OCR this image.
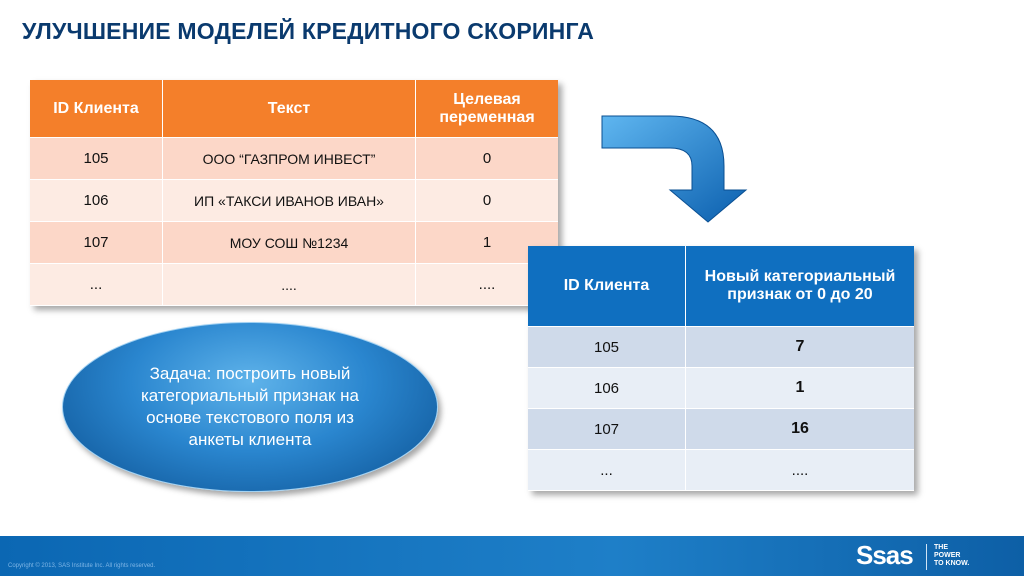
УЛУЧШЕНИЕ МОДЕЛЕЙ КРЕДИТНОГО СКОРИНГА
ID Клиента	Текст	Целевая переменная
105	ООО “ГАЗПРОМ ИНВЕСТ”	0
106	ИП «ТАКСИ ИВАНОВ ИВАН»	0
107	МОУ СОШ №1234	1
...	....	....
Задача: построить новый категориальный признак на основе текстового поля из анкеты клиента
ID Клиента	Новый категориальный признак от 0 до 20
105	7
106	1
107	16
...	....
Copyright © 2013, SAS Institute Inc. All rights reserved.	Ssas	THE
POWER
TO KNOW.
